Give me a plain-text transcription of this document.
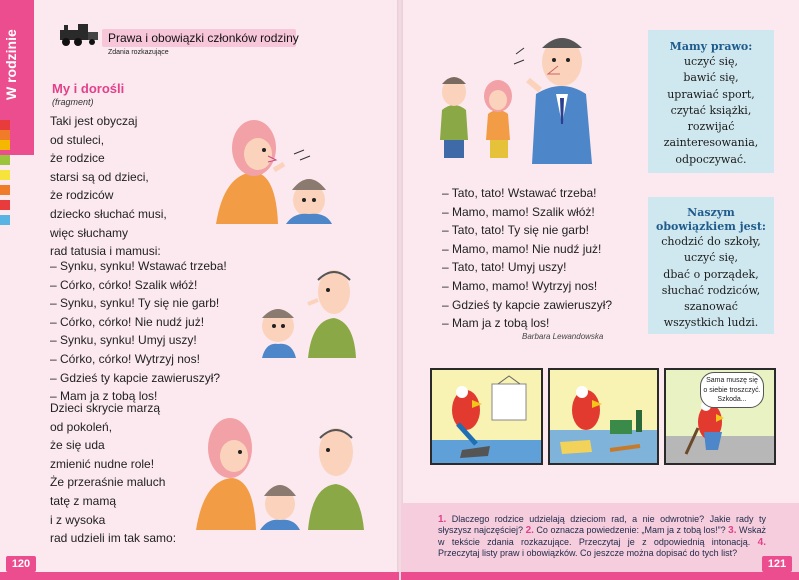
W rodzinie	Prawa i obowiązki członków rodziny
Zdania rozkazujące
My i dorośli
(fragment)
Taki jest obyczaj
od stuleci,
że rodzice
starsi są od dzieci,
że rodziców
dziecko słuchać musi,
więc słuchamy
rad tatusia i mamusi:
– Synku, synku! Wstawać trzeba!
– Córko, córko! Szalik włóż!
– Synku, synku! Ty się nie garb!
– Córko, córko! Nie nudź już!
– Synku, synku! Umyj uszy!
– Córko, córko! Wytrzyj nos!
– Gdzieś ty kapcie zawieruszył?
– Mam ja z tobą los!
Dzieci skrycie marzą
od pokoleń,
że się uda
zmienić nudne role!
Że przeraśnie maluch
tatę z mamą
i z wysoka
rad udzieli im tak samo:
– Tato, tato! Wstawać trzeba!
– Mamo, mamo! Szalik włóż!
– Tato, tato! Ty się nie garb!
– Mamo, mamo! Nie nudź już!
– Tato, tato! Umyj uszy!
– Mamo, mamo! Wytrzyj nos!
– Gdzieś ty kapcie zawieruszył?
– Mam ja z tobą los!
Barbara Lewandowska
Mamy prawo:
uczyć się,
bawić się,
uprawiać sport,
czytać książki,
rozwijać
zainteresowania,
odpoczywać.
Naszym
obowiązkiem jest:
chodzić do szkoły,
uczyć się,
dbać o porządek,
słuchać rodziców,
szanować
wszystkich ludzi.
Sama muszę się
o siebie troszczyć.
Szkoda...
1. Dlaczego rodzice udzielają dzieciom rad, a nie odwrotnie? Jakie rady ty słyszysz najczęściej? 2. Co oznacza powiedzenie: „Mam ja z tobą los!”? 3. Wskaż w tekście zdania rozkazujące. Przeczytaj je z odpowiednią intonacją. 4. Przeczytaj listy praw i obowiązków. Co jeszcze można dopisać do tych list?
120	121
